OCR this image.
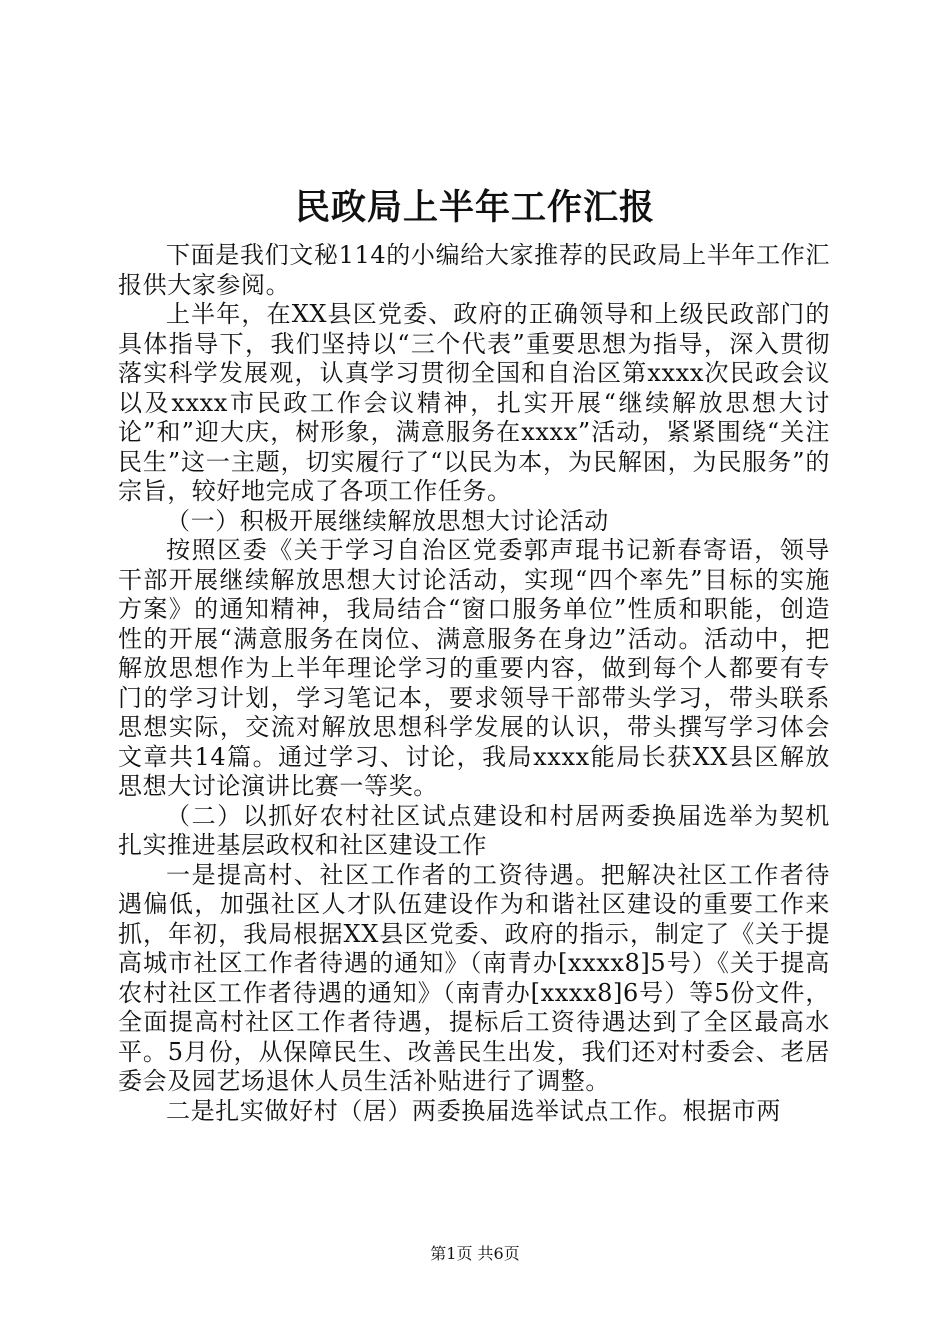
民政局上半年工作汇报

下面是我们文秘114的小编给大家推荐的民政局上半年工作汇报供大家参阅。

上半年，在XX县区党委、政府的正确领导和上级民政部门的具体指导下，我们坚持以“三个代表”重要思想为指导，深入贯彻落实科学发展观，认真学习贯彻全国和自治区第xxxx次民政会议以及xxxx市民政工作会议精神，扎实开展“继续解放思想大讨论”和”迎大庆，树形象，满意服务在xxxx”活动，紧紧围绕“关注民生”这一主题，切实履行了“以民为本，为民解困，为民服务”的宗旨，较好地完成了各项工作任务。

（一）积极开展继续解放思想大讨论活动

按照区委《关于学习自治区党委郭声琨书记新春寄语，领导干部开展继续解放思想大讨论活动，实现“四个率先”目标的实施方案》的通知精神，我局结合“窗口服务单位”性质和职能，创造性的开展“满意服务在岗位、满意服务在身边”活动。活动中，把解放思想作为上半年理论学习的重要内容，做到每个人都要有专门的学习计划，学习笔记本，要求领导干部带头学习，带头联系思想实际，交流对解放思想科学发展的认识，带头撰写学习体会文章共14篇。通过学习、讨论，我局xxxx能局长获XX县区解放思想大讨论演讲比赛一等奖。

（二）以抓好农村社区试点建设和村居两委换届选举为契机扎实推进基层政权和社区建设工作

一是提高村、社区工作者的工资待遇。把解决社区工作者待遇偏低，加强社区人才队伍建设作为和谐社区建设的重要工作来抓，年初，我局根据XX县区党委、政府的指示，制定了《关于提高城市社区工作者待遇的通知》（南青办[xxxx8]5号）《关于提高农村社区工作者待遇的通知》（南青办[xxxx8]6号）等5份文件，全面提高村社区工作者待遇，提标后工资待遇达到了全区最高水平。5月份，从保障民生、改善民生出发，我们还对村委会、老居委会及园艺场退休人员生活补贴进行了调整。

二是扎实做好村（居）两委换届选举试点工作。根据市两

第1页 共6页
